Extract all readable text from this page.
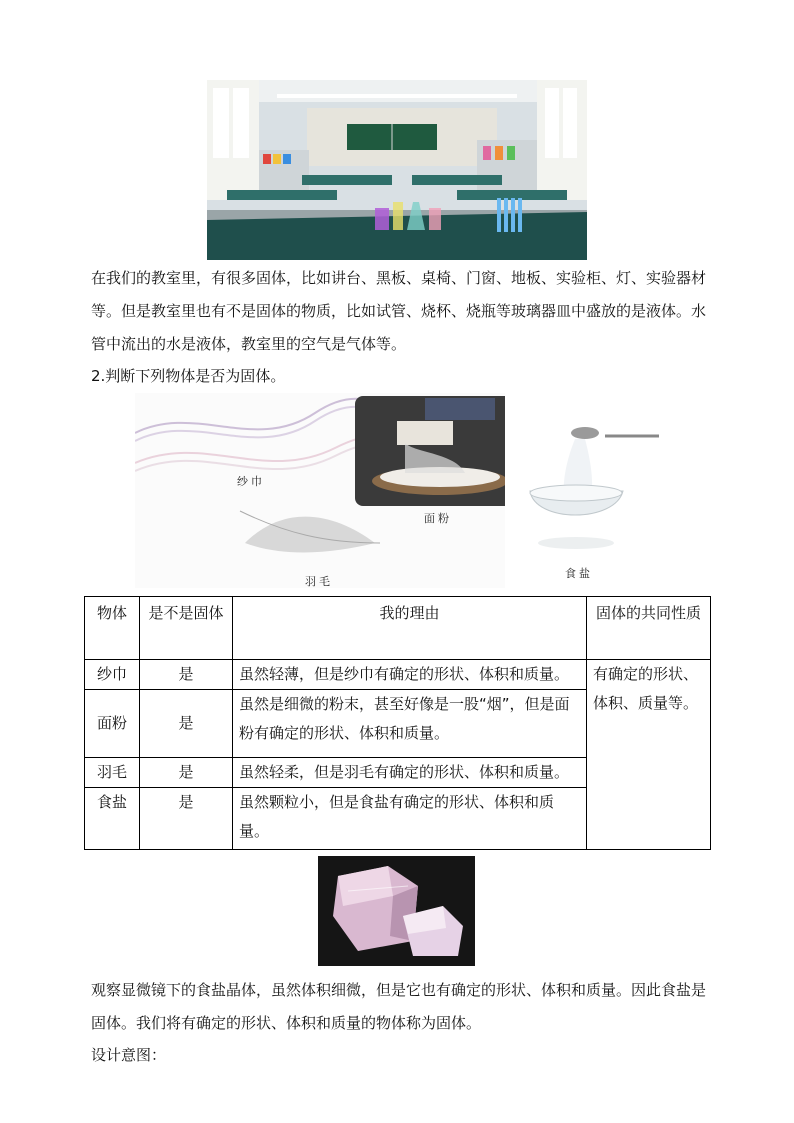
在我们的教室里，有很多固体，比如讲台、黑板、桌椅、门窗、地板、实验柜、灯、实验器材等。但是教室里也有不是固体的物质，比如试管、烧杯、烧瓶等玻璃器皿中盛放的是液体。水管中流出的水是液体，教室里的空气是气体等。

2.判断下列物体是否为固体。

纱巾
面粉
羽毛
食盐
物体	是不是固体	我的理由	固体的共同性质
纱巾	是	虽然轻薄，但是纱巾有确定的形状、体积和质量。	有确定的形状、体积、质量等。
面粉	是	虽然是细微的粉末，甚至好像是一股“烟”，但是面粉有确定的形状、体积和质量。	
羽毛	是	虽然轻柔，但是羽毛有确定的形状、体积和质量。	
食盐	是	虽然颗粒小，但是食盐有确定的形状、体积和质量。	

观察显微镜下的食盐晶体，虽然体积细微，但是它也有确定的形状、体积和质量。因此食盐是固体。我们将有确定的形状、体积和质量的物体称为固体。

设计意图：
